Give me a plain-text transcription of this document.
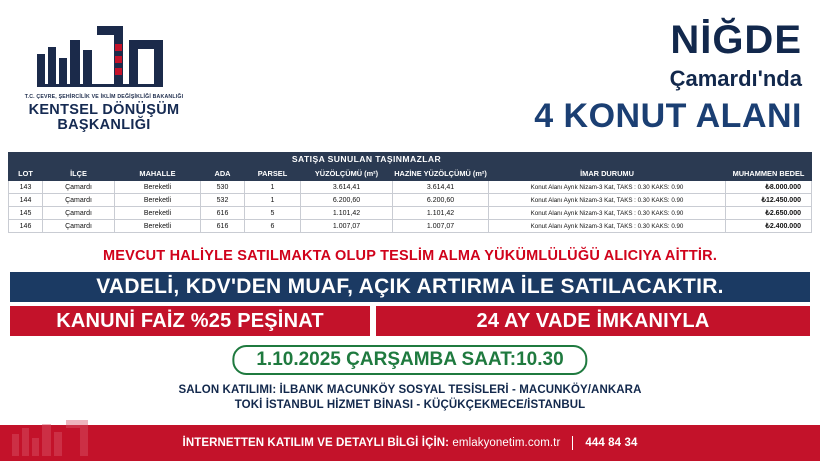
T.C. ÇEVRE, ŞEHİRCİLİK VE İKLİM DEĞİŞİKLİĞİ BAKANLIĞI
KENTSEL DÖNÜŞÜM
BAŞKANLIĞI
NİĞDE
Çamardı'nda
4 KONUT ALANI
				SATIŞA SUNULAN TAŞINMAZLAR				
LOT	İLÇE	MAHALLE	ADA	PARSEL	YÜZÖLÇÜMÜ (m²)	HAZİNE YÜZÖLÇÜMÜ (m²)	İMAR DURUMU	MUHAMMEN BEDEL
143	Çamardı	Bereketli	530	1	3.614,41	3.614,41	Konut Alanı Ayrık Nizam-3 Kat, TAKS : 0.30 KAKS: 0.90	₺8.000.000
144	Çamardı	Bereketli	532	1	6.200,60	6.200,60	Konut Alanı Ayrık Nizam-3 Kat, TAKS : 0.30 KAKS: 0.90	₺12.450.000
145	Çamardı	Bereketli	616	5	1.101,42	1.101,42	Konut Alanı Ayrık Nizam-3 Kat, TAKS : 0.30 KAKS: 0.90	₺2.650.000
146	Çamardı	Bereketli	616	6	1.007,07	1.007,07	Konut Alanı Ayrık Nizam-3 Kat, TAKS : 0.30 KAKS: 0.90	₺2.400.000
MEVCUT HALİYLE SATILMAKTA OLUP TESLİM ALMA YÜKÜMLÜLÜĞÜ ALICIYA AİTTİR.
VADELİ, KDV'DEN MUAF, AÇIK ARTIRMA İLE SATILACAKTIR.
KANUNİ FAİZ %25 PEŞİNAT	24 AY VADE İMKANIYLA
1.10.2025 ÇARŞAMBA SAAT:10.30
SALON KATILIMI: İLBANK MACUNKÖY SOSYAL TESİSLERİ - MACUNKÖY/ANKARA
TOKİ İSTANBUL HİZMET BİNASI - KÜÇÜKÇEKMECE/İSTANBUL
İNTERNETTEN KATILIM VE DETAYLI BİLGİ İÇİN:
emlakyonetim.com.tr 444 84 34
